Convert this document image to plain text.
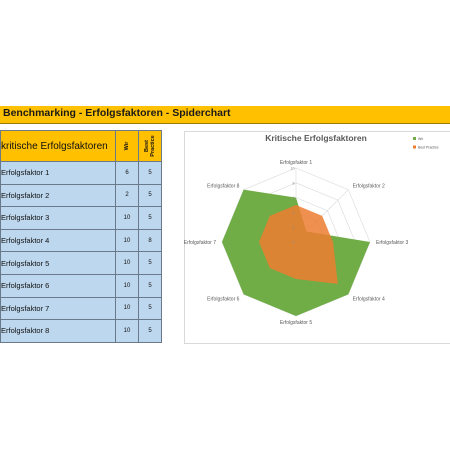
Benchmarking - Erfolgsfaktoren - Spiderchart
kritische Erfolgsfaktoren	Wir	Best Practice

Erfolgsfaktor 1	6	5
Erfolgsfaktor 2	2	5
Erfolgsfaktor 3	10	5
Erfolgsfaktor 4	10	8
Erfolgsfaktor 5	10	5
Erfolgsfaktor 6	10	5
Erfolgsfaktor 7	10	5
Erfolgsfaktor 8	10	5
Kritische Erfolgsfaktoren
0
2
4
6
8
10
Erfolgsfaktor 1
Erfolgsfaktor 2
Erfolgsfaktor 3
Erfolgsfaktor 4
Erfolgsfaktor 5
Erfolgsfaktor 6
Erfolgsfaktor 7
Erfolgsfaktor 8
Wir
Best Practice
